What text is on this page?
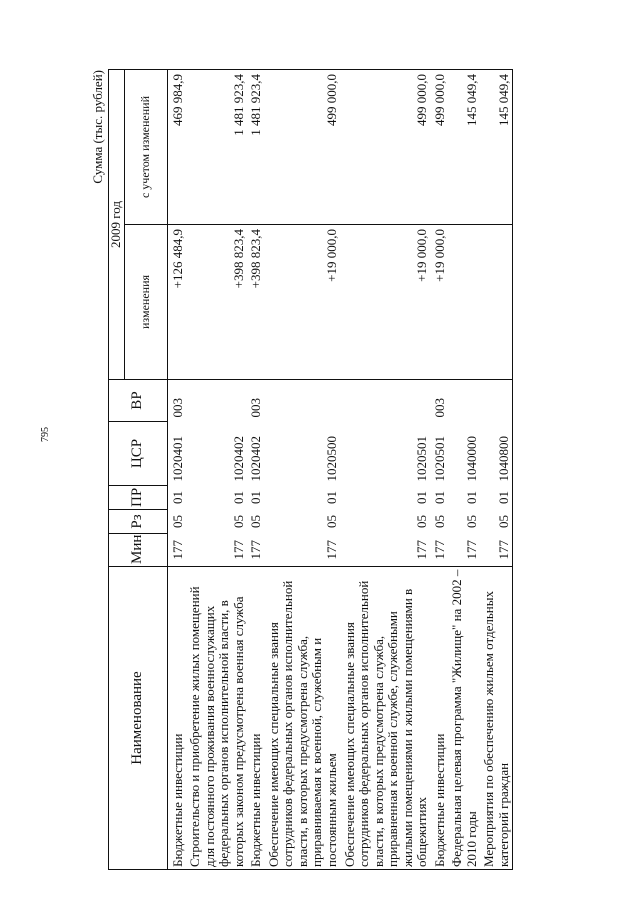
795
Сумма (тыс. рублей)
Наименование	Мин	Рз	ПР	ЦСР	ВР	2009 год	
						изменения	с учетом изменений
Бюджетные инвестиции	177	05	01	1020401	003	+126 484,9	469 984,9
Строительство и приобретение жилых помещений для постоянного проживания военнослужащих федеральных органов исполнительной власти, в которых законом предусмотрена военная служба	177	05	01	1020402		+398 823,4	1 481 923,4
Бюджетные инвестиции	177	05	01	1020402	003	+398 823,4	1 481 923,4
Обеспечение имеющих специальные звания сотрудников федеральных органов исполнительной власти, в которых предусмотрена служба, приравниваемая к военной, служебным и постоянным жильем	177	05	01	1020500		+19 000,0	499 000,0
Обеспечение имеющих специальные звания сотрудников федеральных органов исполнительной власти, в которых предусмотрена служба, приравненная к военной службе, служебными жилыми помещениями и жилыми помещениями в общежитиях	177	05	01	1020501		+19 000,0	499 000,0
Бюджетные инвестиции	177	05	01	1020501	003	+19 000,0	499 000,0
Федеральная целевая программа "Жилище" на 2002 – 2010 годы	177	05	01	1040000			145 049,4
Мероприятия по обеспечению жильем отдельных категорий граждан	177	05	01	1040800			145 049,4
